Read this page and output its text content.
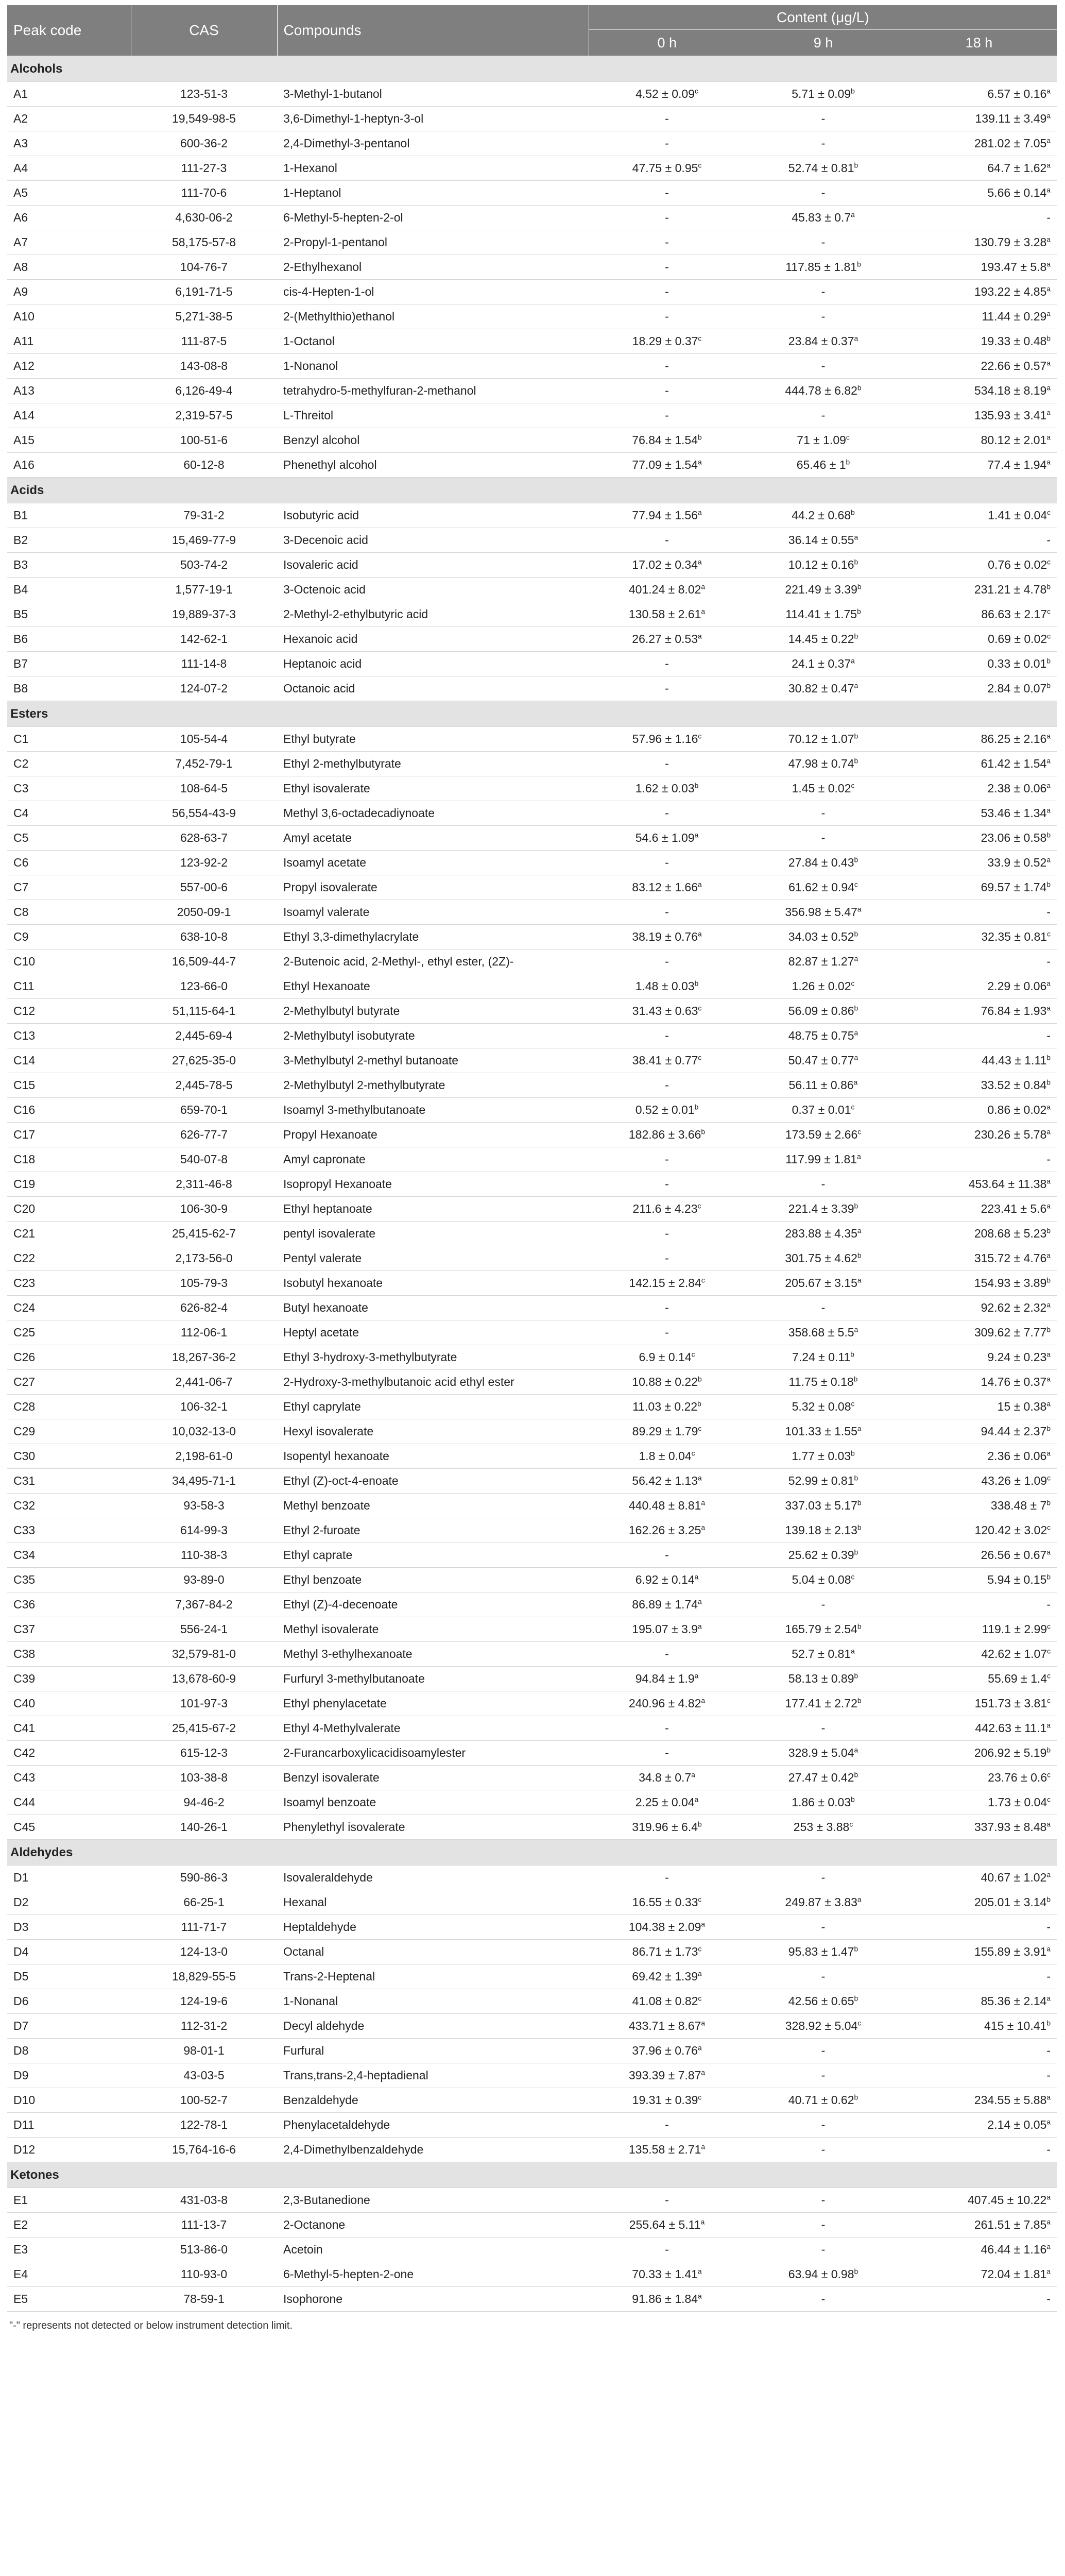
Peak code	CAS	Compounds	Content (μg/L)		
			0 h	9 h	18 h
Alcohols					
A1	123-51-3	3-Methyl-1-butanol	4.52 ± 0.09$^c$	5.71 ± 0.09$^b$	6.57 ± 0.16$^a$
A2	19,549-98-5	3,6-Dimethyl-1-heptyn-3-ol	-	-	139.11 ± 3.49$^a$
A3	600-36-2	2,4-Dimethyl-3-pentanol	-	-	281.02 ± 7.05$^a$
A4	111-27-3	1-Hexanol	47.75 ± 0.95$^c$	52.74 ± 0.81$^b$	64.7 ± 1.62$^a$
A5	111-70-6	1-Heptanol	-	-	5.66 ± 0.14$^a$
A6	4,630-06-2	6-Methyl-5-hepten-2-ol	-	45.83 ± 0.7$^a$	-
A7	58,175-57-8	2-Propyl-1-pentanol	-	-	130.79 ± 3.28$^a$
A8	104-76-7	2-Ethylhexanol	-	117.85 ± 1.81$^b$	193.47 ± 5.8$^a$
A9	6,191-71-5	cis-4-Hepten-1-ol	-	-	193.22 ± 4.85$^a$
A10	5,271-38-5	2-(Methylthio)ethanol	-	-	11.44 ± 0.29$^a$
A11	111-87-5	1-Octanol	18.29 ± 0.37$^c$	23.84 ± 0.37$^a$	19.33 ± 0.48$^b$
A12	143-08-8	1-Nonanol	-	-	22.66 ± 0.57$^a$
A13	6,126-49-4	tetrahydro-5-methylfuran-2-methanol	-	444.78 ± 6.82$^b$	534.18 ± 8.19$^a$
A14	2,319-57-5	L-Threitol	-	-	135.93 ± 3.41$^a$
A15	100-51-6	Benzyl alcohol	76.84 ± 1.54$^b$	71 ± 1.09$^c$	80.12 ± 2.01$^a$
A16	60-12-8	Phenethyl alcohol	77.09 ± 1.54$^a$	$65.46 \pm 1^b$	77.4 ± 1.94$^a$
Acids					
B1	79-31-2	Isobutyric acid	77.94 ± 1.56$^a$	44.2 ± 0.68$^b$	1.41 ± 0.04$^c$
B2	15,469-77-9	3-Decenoic acid	-	36.14 ± 0.55$^a$	-
B3	503-74-2	Isovaleric acid	17.02 ± 0.34$^a$	10.12 ± 0.16$^b$	0.76 ± 0.02$^c$
B4	1,577-19-1	3-Octenoic acid	401.24 ± 8.02$^a$	221.49 ± 3.39$^b$	231.21 ± 4.78$^b$
B5	19,889-37-3	2-Methyl-2-ethylbutyric acid	130.58 ± 2.61$^a$	114.41 ± 1.75$^b$	86.63 ± 2.17$^c$
B6	142-62-1	Hexanoic acid	26.27 ± 0.53$^a$	14.45 ± 0.22$^b$	0.69 ± 0.02$^c$
B7	111-14-8	Heptanoic acid	-	24.1 ± 0.37$^a$	0.33 ± 0.01$^b$
B8	124-07-2	Octanoic acid	-	30.82 ± 0.47$^a$	2.84 ± 0.07$^b$
Esters					
C1	105-54-4	Ethyl butyrate	57.96 ± 1.16$^c$	70.12 ± 1.07$^b$	86.25 ± 2.16$^a$
C2	7,452-79-1	Ethyl 2-methylbutyrate	-	47.98 ± 0.74$^b$	61.42 ± 1.54$^a$
C3	108-64-5	Ethyl isovalerate	1.62 ± 0.03$^b$	1.45 ± 0.02$^c$	2.38 ± 0.06$^a$
C4	56,554-43-9	Methyl 3,6-octadecadiynoate	-	-	53.46 ± 1.34$^a$
C5	628-63-7	Amyl acetate	54.6 ± 1.09$^a$	-	23.06 ± 0.58$^b$
C6	123-92-2	Isoamyl acetate	-	27.84 ± 0.43$^b$	33.9 ± 0.52$^a$
C7	557-00-6	Propyl isovalerate	83.12 ± 1.66$^a$	61.62 ± 0.94$^c$	69.57 ± 1.74$^b$
C8	2050-09-1	Isoamyl valerate	-	356.98 ± 5.47$^a$	-
C9	638-10-8	Ethyl 3,3-dimethylacrylate	38.19 ± 0.76$^a$	34.03 ± 0.52$^b$	32.35 ± 0.81$^c$
C10	16,509-44-7	2-Butenoic acid, 2-Methyl-, ethyl ester, (2Z)-	-	82.87 ± 1.27$^a$	-
C11	123-66-0	Ethyl Hexanoate	1.48 ± 0.03$^b$	1.26 ± 0.02$^c$	2.29 ± 0.06$^a$
C12	51,115-64-1	2-Methylbutyl butyrate	31.43 ± 0.63$^c$	56.09 ± 0.86$^b$	76.84 ± 1.93$^a$
C13	2,445-69-4	2-Methylbutyl isobutyrate	-	48.75 ± 0.75$^a$	-
C14	27,625-35-0	3-Methylbutyl 2-methyl butanoate	38.41 ± 0.77$^c$	50.47 ± 0.77$^a$	44.43 ± 1.11$^b$
C15	2,445-78-5	2-Methylbutyl 2-methylbutyrate	-	56.11 ± 0.86$^a$	33.52 ± 0.84$^b$
C16	659-70-1	Isoamyl 3-methylbutanoate	0.52 ± 0.01$^b$	0.37 ± 0.01$^c$	0.86 ± 0.02$^a$
C17	626-77-7	Propyl Hexanoate	182.86 ± 3.66$^b$	173.59 ± 2.66$^c$	230.26 ± 5.78$^a$
C18	540-07-8	Amyl capronate	-	117.99 ± 1.81$^a$	-
C19	2,311-46-8	Isopropyl Hexanoate	-	-	453.64 ± 11.38$^a$
C20	106-30-9	Ethyl heptanoate	211.6 ± 4.23$^c$	221.4 ± 3.39$^b$	223.41 ± 5.6$^a$
C21	25,415-62-7	pentyl isovalerate	-	283.88 ± 4.35$^a$	208.68 ± 5.23$^b$
C22	2,173-56-0	Pentyl valerate	-	301.75 ± 4.62$^b$	315.72 ± 4.76$^a$
C23	105-79-3	Isobutyl hexanoate	142.15 ± 2.84$^c$	205.67 ± 3.15$^a$	154.93 ± 3.89$^b$
C24	626-82-4	Butyl hexanoate	-	-	92.62 ± 2.32$^a$
C25	112-06-1	Heptyl acetate	-	358.68 ± 5.5$^a$	309.62 ± 7.77$^b$
C26	18,267-36-2	Ethyl 3-hydroxy-3-methylbutyrate	6.9 ± 0.14$^c$	7.24 ± 0.11$^b$	9.24 ± 0.23$^a$
C27	2,441-06-7	2-Hydroxy-3-methylbutanoic acid ethyl ester	10.88 ± 0.22$^b$	11.75 ± 0.18$^b$	14.76 ± 0.37$^a$
C28	106-32-1	Ethyl caprylate	11.03 ± 0.22$^b$	5.32 ± 0.08$^c$	15 ± 0.38$^a$
C29	10,032-13-0	Hexyl isovalerate	89.29 ± 1.79$^c$	101.33 ± 1.55$^a$	94.44 ± 2.37$^b$
C30	2,198-61-0	Isopentyl hexanoate	1.8 ± 0.04$^c$	1.77 ± 0.03$^b$	2.36 ± 0.06$^a$
C31	34,495-71-1	Ethyl (Z)-oct-4-enoate	56.42 ± 1.13$^a$	52.99 ± 0.81$^b$	43.26 ± 1.09$^c$
C32	93-58-3	Methyl benzoate	440.48 ± 8.81$^a$	337.03 ± 5.17$^b$	$338.48 \pm 7^b$
C33	614-99-3	Ethyl 2-furoate	162.26 ± 3.25$^a$	139.18 ± 2.13$^b$	120.42 ± 3.02$^c$
C34	110-38-3	Ethyl caprate	-	25.62 ± 0.39$^b$	26.56 ± 0.67$^a$
C35	93-89-0	Ethyl benzoate	6.92 ± 0.14$^a$	5.04 ± 0.08$^c$	5.94 ± 0.15$^b$
C36	7,367-84-2	Ethyl (Z)-4-decenoate	86.89 ± 1.74$^a$	-	-
C37	556-24-1	Methyl isovalerate	195.07 ± 3.9$^a$	165.79 ± 2.54$^b$	119.1 ± 2.99$^c$
C38	32,579-81-0	Methyl 3-ethylhexanoate	-	52.7 ± 0.81$^a$	42.62 ± 1.07$^c$
C39	13,678-60-9	Furfuryl 3-methylbutanoate	94.84 ± 1.9$^a$	58.13 ± 0.89$^b$	55.69 ± 1.4$^c$
C40	101-97-3	Ethyl phenylacetate	240.96 ± 4.82$^a$	177.41 ± 2.72$^b$	151.73 ± 3.81$^c$
C41	25,415-67-2	Ethyl 4-Methylvalerate	-	-	442.63 ± 11.1$^a$
C42	615-12-3	2-Furancarboxylicacidisoamylester	-	328.9 ± 5.04$^a$	206.92 ± 5.19$^b$
C43	103-38-8	Benzyl isovalerate	34.8 ± 0.7$^a$	27.47 ± 0.42$^b$	23.76 ± 0.6$^c$
C44	94-46-2	Isoamyl benzoate	2.25 ± 0.04$^a$	1.86 ± 0.03$^b$	1.73 ± 0.04$^c$
C45	140-26-1	Phenylethyl isovalerate	319.96 ± 6.4$^b$	253 ± 3.88$^c$	337.93 ± 8.48$^a$
Aldehydes					
D1	590-86-3	Isovaleraldehyde	-	-	40.67 ± 1.02$^a$
D2	66-25-1	Hexanal	16.55 ± 0.33$^c$	249.87 ± 3.83$^a$	205.01 ± 3.14$^b$
D3	111-71-7	Heptaldehyde	104.38 ± 2.09$^a$	-	-
D4	124-13-0	Octanal	86.71 ± 1.73$^c$	95.83 ± 1.47$^b$	155.89 ± 3.91$^a$
D5	18,829-55-5	Trans-2-Heptenal	69.42 ± 1.39$^a$	-	-
D6	124-19-6	1-Nonanal	41.08 ± 0.82$^c$	42.56 ± 0.65$^b$	85.36 ± 2.14$^a$
D7	112-31-2	Decyl aldehyde	433.71 ± 8.67$^a$	328.92 ± 5.04$^c$	415 ± 10.41$^b$
D8	98-01-1	Furfural	37.96 ± 0.76$^a$	-	-
D9	43-03-5	Trans,trans-2,4-heptadienal	393.39 ± 7.87$^a$	-	-
D10	100-52-7	Benzaldehyde	19.31 ± 0.39$^c$	40.71 ± 0.62$^b$	234.55 ± 5.88$^a$
D11	122-78-1	Phenylacetaldehyde	-	-	2.14 ± 0.05$^a$
D12	15,764-16-6	2,4-Dimethylbenzaldehyde	135.58 ± 2.71$^a$	-	-
Ketones					
E1	431-03-8	2,3-Butanedione	-	-	407.45 ± 10.22$^a$
E2	111-13-7	2-Octanone	255.64 ± 5.11$^a$	-	261.51 ± 7.85$^a$
E3	513-86-0	Acetoin	-	-	46.44 ± 1.16$^a$
E4	110-93-0	6-Methyl-5-hepten-2-one	70.33 ± 1.41$^a$	63.94 ± 0.98$^b$	72.04 ± 1.81$^a$
E5	78-59-1	Isophorone	91.86 ± 1.84$^a$	-	-
"-" represents not detected or below instrument detection limit.
